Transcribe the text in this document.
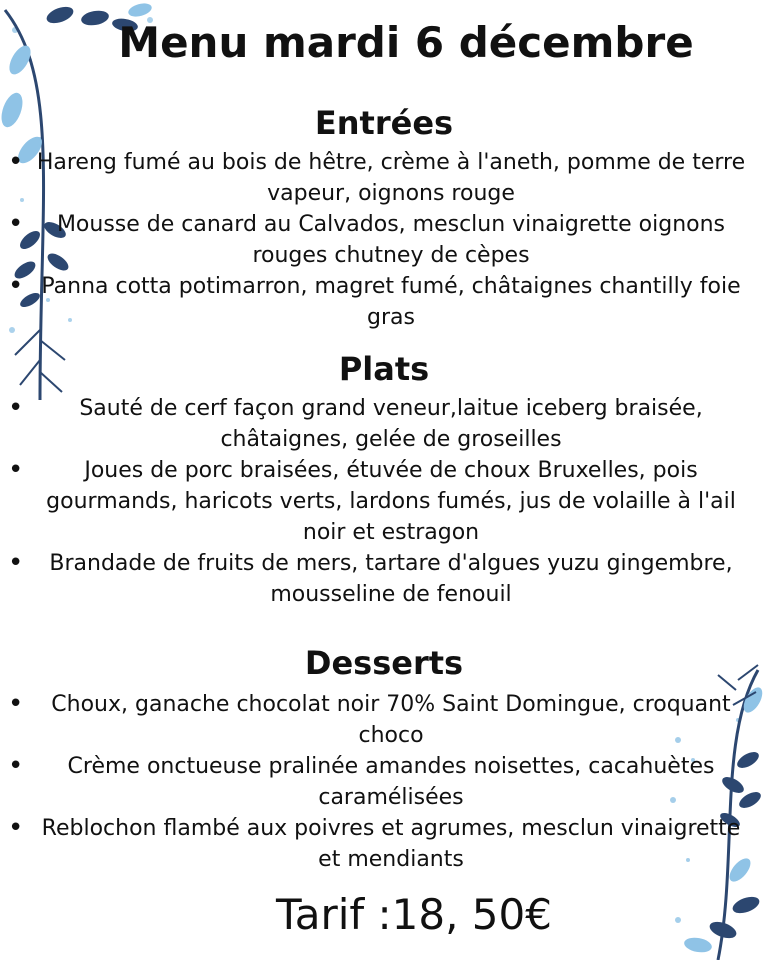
Menu mardi 6 décembre
Entrées
• Hareng fumé au bois de hêtre, crème à l'aneth, pomme de terre vapeur, oignons rouge
• Mousse de canard au Calvados, mesclun vinaigrette oignons rouges chutney de cèpes
• Panna cotta potimarron, magret fumé, châtaignes chantilly foie gras
Plats
• Sauté de cerf façon grand veneur,laitue iceberg braisée, châtaignes, gelée de groseilles
• Joues de porc braisées, étuvée de choux Bruxelles, pois gourmands, haricots verts, lardons fumés, jus de volaille à l'ail noir et estragon
• Brandade de fruits de mers, tartare d'algues yuzu gingembre, mousseline de fenouil
Desserts
• Choux, ganache chocolat noir 70% Saint Domingue, croquant choco
• Crème onctueuse pralinée amandes noisettes, cacahuètes caramélisées
• Reblochon flambé aux poivres et agrumes, mesclun vinaigrette et mendiants
Tarif :18, 50€
